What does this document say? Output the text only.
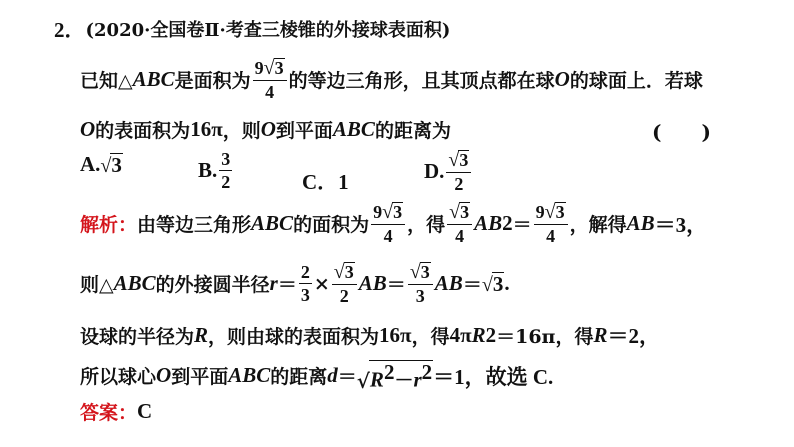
2． (2020·全国卷Ⅱ·考查三棱锥的外接球表面积)
已知△ ABC 是面积为 $\frac{9 √ 3}{4}$ 的等边三角形，且其顶点都在球 O 的球面上．若球
O 的表面积为 16π ，则 O 到平面 ABC 的距离为	(　　)
A. √ 3	B. $\frac{3}{2}$	C．1	D. $\frac{√ 3}{2}$
解析： 由等边三角形 ABC 的面积为 $\frac{9 √ 3}{4}$ ，得 $\frac{√ 3}{4}$ AB $2 = \frac{9 √ 3}{4}$ ，解得 AB ＝3，
则△ ABC 的外接圆半径 $r = \frac{2}{3} \times \frac{√ 3}{2}$ AB ＝ $\frac{√ 3}{3}$ AB ＝ √ 3 .
设球的半径为 R ，则由球的表面积为 16π ，得 4π R 2 ＝16π，得 R ＝2，
所以球心 O 到平面 ABC 的距离 d ＝ √ $R^2-r^2 =1$，故选 C.
答案： C
